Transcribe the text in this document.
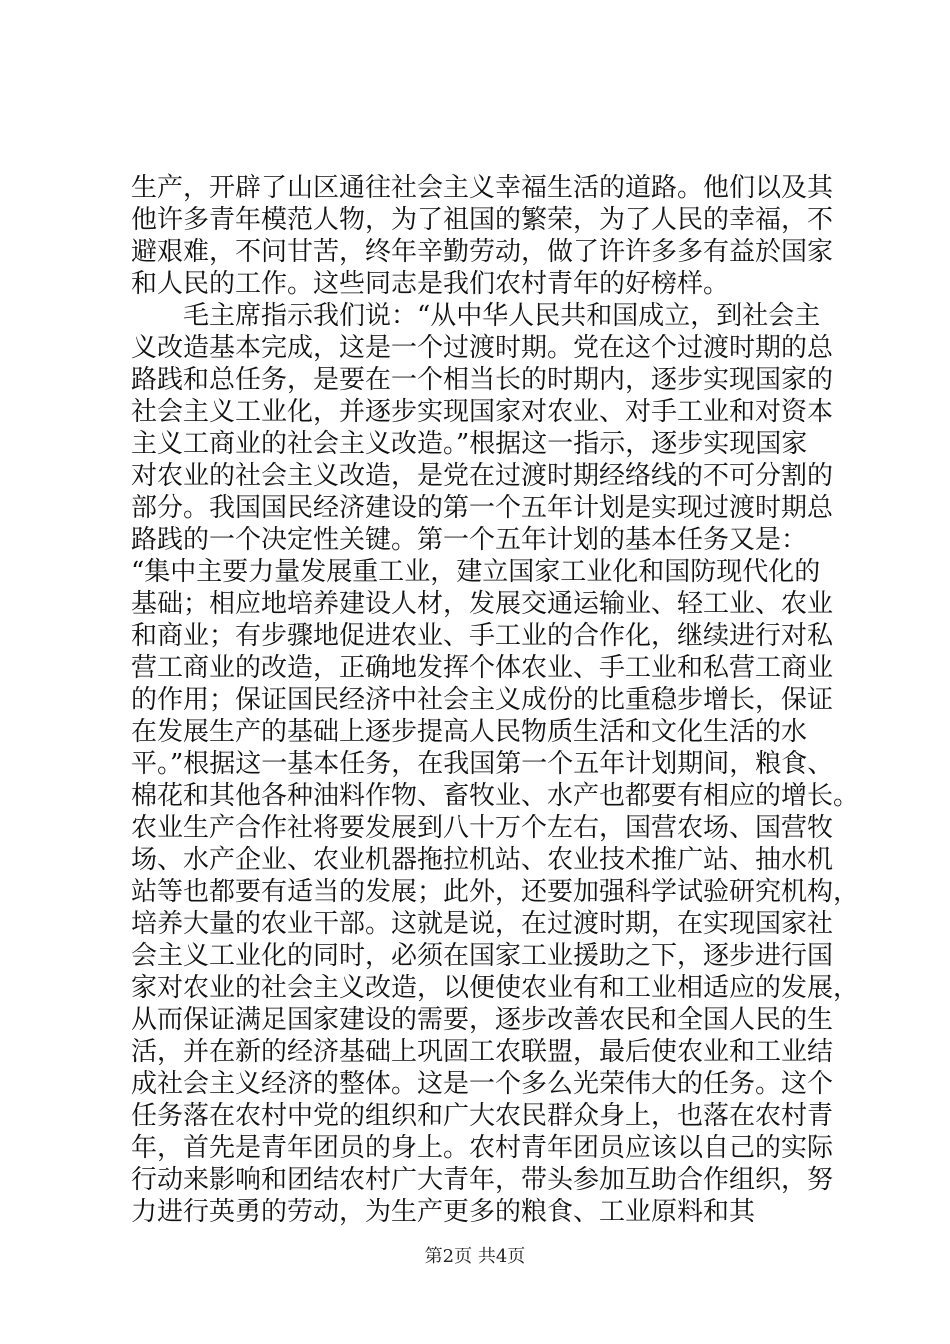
生产，开辟了山区通往社会主义幸福生活的道路。他们以及其
他许多青年模范人物，为了祖国的繁荣，为了人民的幸福，不
避艰难，不问甘苦，终年辛勤劳动，做了许许多多有益於国家
和人民的工作。这些同志是我们农村青年的好榜样。
　　毛主席指示我们说：“从中华人民共和国成立，到社会主
义改造基本完成，这是一个过渡时期。党在这个过渡时期的总
路践和总任务，是要在一个相当长的时期内，逐步实现国家的
社会主义工业化，并逐步实现国家对农业、对手工业和对资本
主义工商业的社会主义改造。”根据这一指示，逐步实现国家
对农业的社会主义改造，是党在过渡时期经络线的不可分割的
部分。我国国民经济建设的第一个五年计划是实现过渡时期总
路践的一个决定性关键。第一个五年计划的基本任务又是：
“集中主要力量发展重工业，建立国家工业化和国防现代化的
基础；相应地培养建设人材，发展交通运输业、轻工业、农业
和商业；有步骤地促进农业、手工业的合作化，继续进行对私
营工商业的改造，正确地发挥个体农业、手工业和私营工商业
的作用；保证国民经济中社会主义成份的比重稳步增长，保证
在发展生产的基础上逐步提高人民物质生活和文化生活的水
平。”根据这一基本任务，在我国第一个五年计划期间，粮食、
棉花和其他各种油料作物、畜牧业、水产也都要有相应的增长。
农业生产合作社将要发展到八十万个左右，国营农场、国营牧
场、水产企业、农业机器拖拉机站、农业技术推广站、抽水机
站等也都要有适当的发展；此外，还要加强科学试验研究机构，
培养大量的农业干部。这就是说，在过渡时期，在实现国家社
会主义工业化的同时，必须在国家工业援助之下，逐步进行国
家对农业的社会主义改造，以便使农业有和工业相适应的发展，
从而保证满足国家建设的需要，逐步改善农民和全国人民的生
活，并在新的经济基础上巩固工农联盟，最后使农业和工业结
成社会主义经济的整体。这是一个多么光荣伟大的任务。这个
任务落在农村中党的组织和广大农民群众身上，也落在农村青
年，首先是青年团员的身上。农村青年团员应该以自己的实际
行动来影响和团结农村广大青年，带头参加互助合作组织，努
力进行英勇的劳动，为生产更多的粮食、工业原料和其
第2页 共4页
